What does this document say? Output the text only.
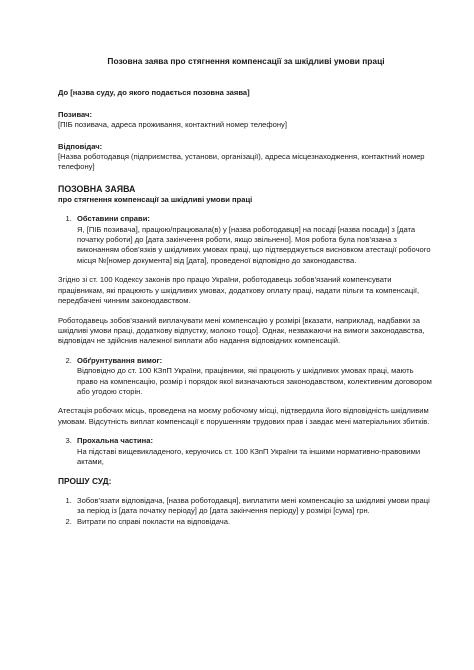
Позовна заява про стягнення компенсації за шкідливі умови праці

До [назва суду, до якого подається позовна заява]

Позивач:

[ПІБ позивача, адреса проживання, контактний номер телефону]

Відповідач:

[Назва роботодавця (підприємства, установи, організації), адреса місцезнаходження, контактний номер телефону]

ПОЗОВНА ЗАЯВА

про стягнення компенсації за шкідливі умови праці

1. Обставини справи:

Я, [ПІБ позивача], працюю/працювала(в) у [назва роботодавця] на посаді [назва посади] з [дата початку роботи] до [дата закінчення роботи, якщо звільнено]. Моя робота була пов’язана з виконанням обов’язків у шкідливих умовах праці, що підтверджується висновком атестації робочого місця №[номер документа] від [дата], проведеної відповідно до законодавства.

Згідно зі ст. 100 Кодексу законів про працю України, роботодавець зобов’язаний компенсувати працівникам, які працюють у шкідливих умовах, додаткову оплату праці, надати пільги та компенсації, передбачені чинним законодавством.

Роботодавець зобов’язаний виплачувати мені компенсацію у розмірі [вказати, наприклад, надбавки за шкідливі умови праці, додаткову відпустку, молоко тощо]. Однак, незважаючи на вимоги законодавства, відповідач не здійснив належної виплати або надання відповідних компенсацій.

2. Обґрунтування вимог:

Відповідно до ст. 100 КЗпП України, працівники, які працюють у шкідливих умовах праці, мають право на компенсацію, розмір і порядок якої визначаються законодавством, колективним договором або угодою сторін.

Атестація робочих місць, проведена на моєму робочому місці, підтвердила його відповідність шкідливим умовам. Відсутність виплат компенсації є порушенням трудових прав і завдає мені матеріальних збитків.

3. Прохальна частина:

На підставі вищевикладеного, керуючись ст. 100 КЗпП України та іншими нормативно-правовими актами,

ПРОШУ СУД:

1. Зобов’язати відповідача, [назва роботодавця], виплатити мені компенсацію за шкідливі умови праці за період із [дата початку періоду] до [дата закінчення періоду] у розмірі [сума] грн.
2. Витрати по справі покласти на відповідача.
